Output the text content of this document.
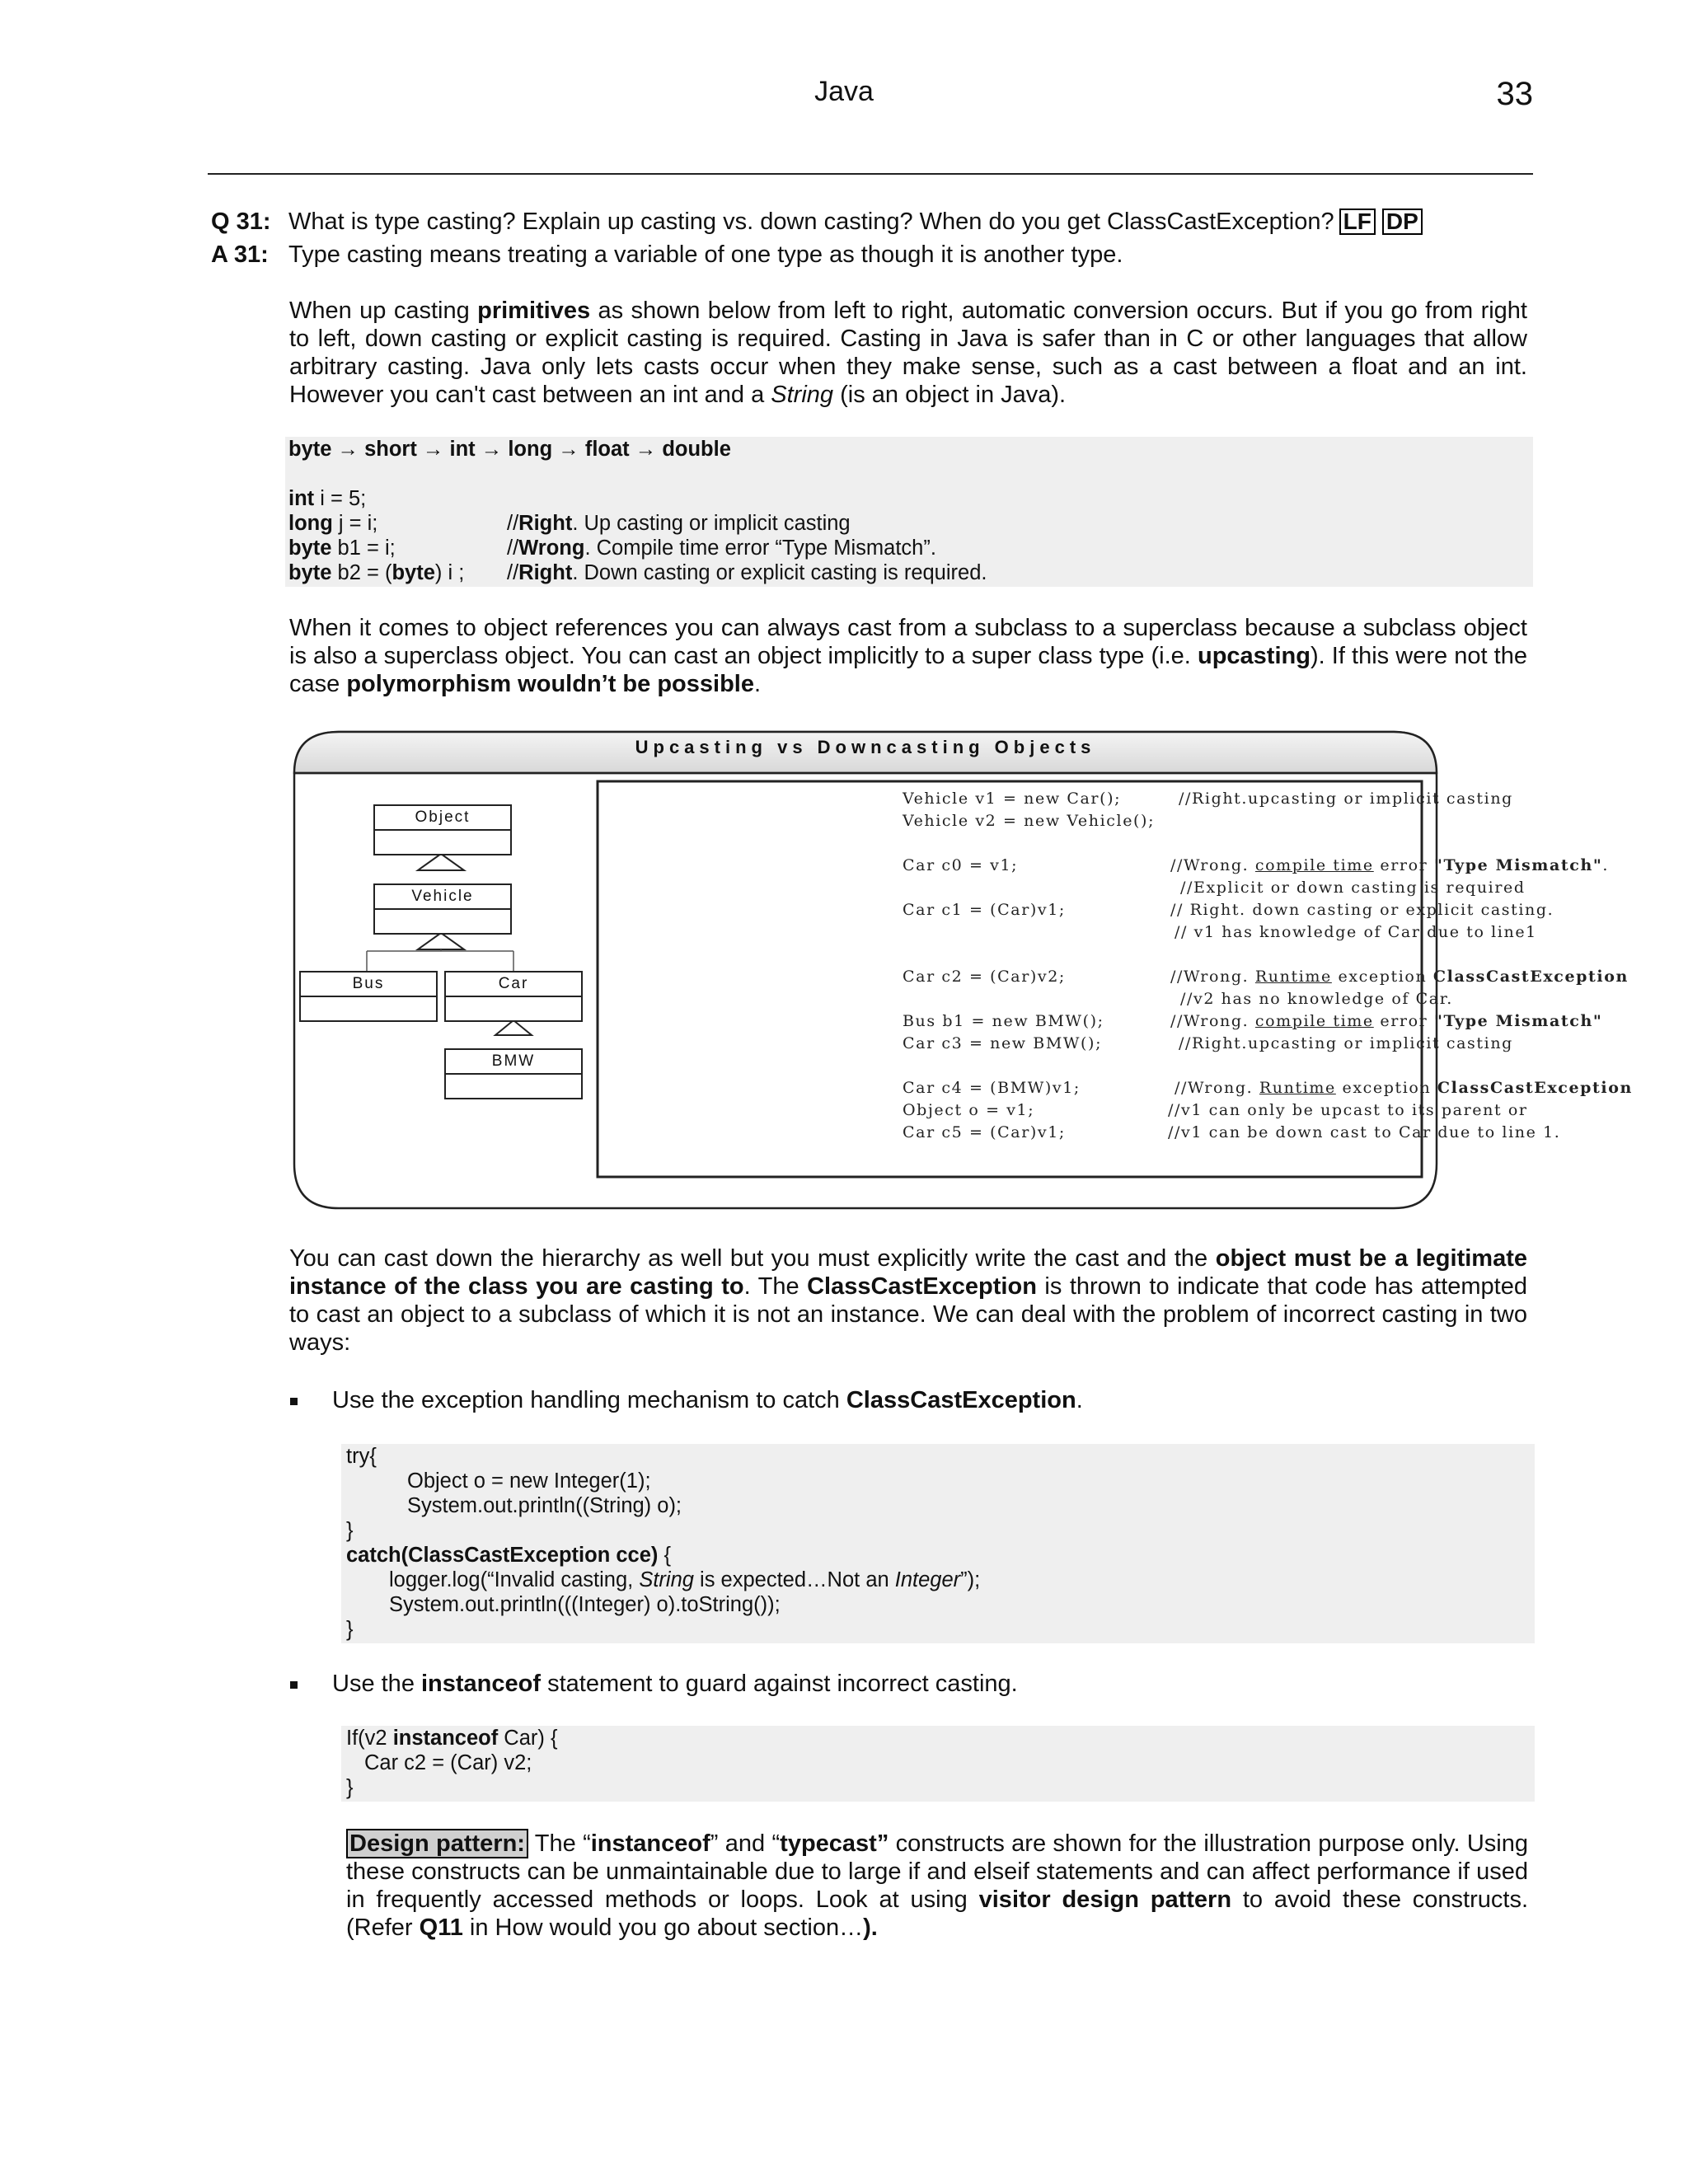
Java	33
Q 31: What is type casting? Explain up casting vs. down casting? When do you get ClassCastException? LF DP
A 31: Type casting means treating a variable of one type as though it is another type.
When up casting primitives as shown below from left to right, automatic conversion occurs. But if you go from right to left, down casting or explicit casting is required. Casting in Java is safer than in C or other languages that allow arbitrary casting. Java only lets casts occur when they make sense, such as a cast between a float and an int. However you can't cast between an int and a String (is an object in Java).
byte → short → int → long → float → double
int i = 5;
long j = i;	//Right. Up casting or implicit casting
byte b1 = i;	//Wrong. Compile time error “Type Mismatch”.
byte b2 = (byte) i ; //Right. Down casting or explicit casting is required.
When it comes to object references you can always cast from a subclass to a superclass because a subclass object is also a superclass object. You can cast an object implicitly to a super class type (i.e. upcasting). If this were not the case polymorphism wouldn’t be possible.
Upcasting vs Downcasting Objects
Object
Vehicle
Bus	Car
BMW
Vehicle v1 = new Car();	//Right.upcasting or implicit casting
Vehicle v2 = new Vehicle();
Car c0 = v1;	//Wrong. compile time error "Type Mismatch".
//Explicit or down casting is required
Car c1 = (Car)v1;	// Right. down casting or explicit casting.
// v1 has knowledge of Car due to line1
Car c2 = (Car)v2;	//Wrong. Runtime exception ClassCastException
//v2 has no knowledge of Car.
Bus b1 = new BMW();	//Wrong. compile time error "Type Mismatch"
Car c3 = new BMW();	//Right.upcasting or implicit casting
Car c4 = (BMW)v1;	//Wrong. Runtime exception ClassCastException
Object o = v1;	//v1 can only be upcast to its parent or
Car c5 = (Car)v1;	//v1 can be down cast to Car due to line 1.
You can cast down the hierarchy as well but you must explicitly write the cast and the object must be a legitimate instance of the class you are casting to. The ClassCastException is thrown to indicate that code has attempted to cast an object to a subclass of which it is not an instance. We can deal with the problem of incorrect casting in two ways:
Use the exception handling mechanism to catch ClassCastException.
try{
Object o = new Integer(1);
System.out.println((String) o);
}
catch(ClassCastException cce) {
logger.log(“Invalid casting, String is expected…Not an Integer”);
System.out.println(((Integer) o).toString());
}
Use the instanceof statement to guard against incorrect casting.
If(v2 instanceof Car) {
Car c2 = (Car) v2;
}
Design pattern: The “instanceof” and “typecast” constructs are shown for the illustration purpose only. Using these constructs can be unmaintainable due to large if and elseif statements and can affect performance if used in frequently accessed methods or loops. Look at using visitor design pattern to avoid these constructs. (Refer Q11 in How would you go about section…).
